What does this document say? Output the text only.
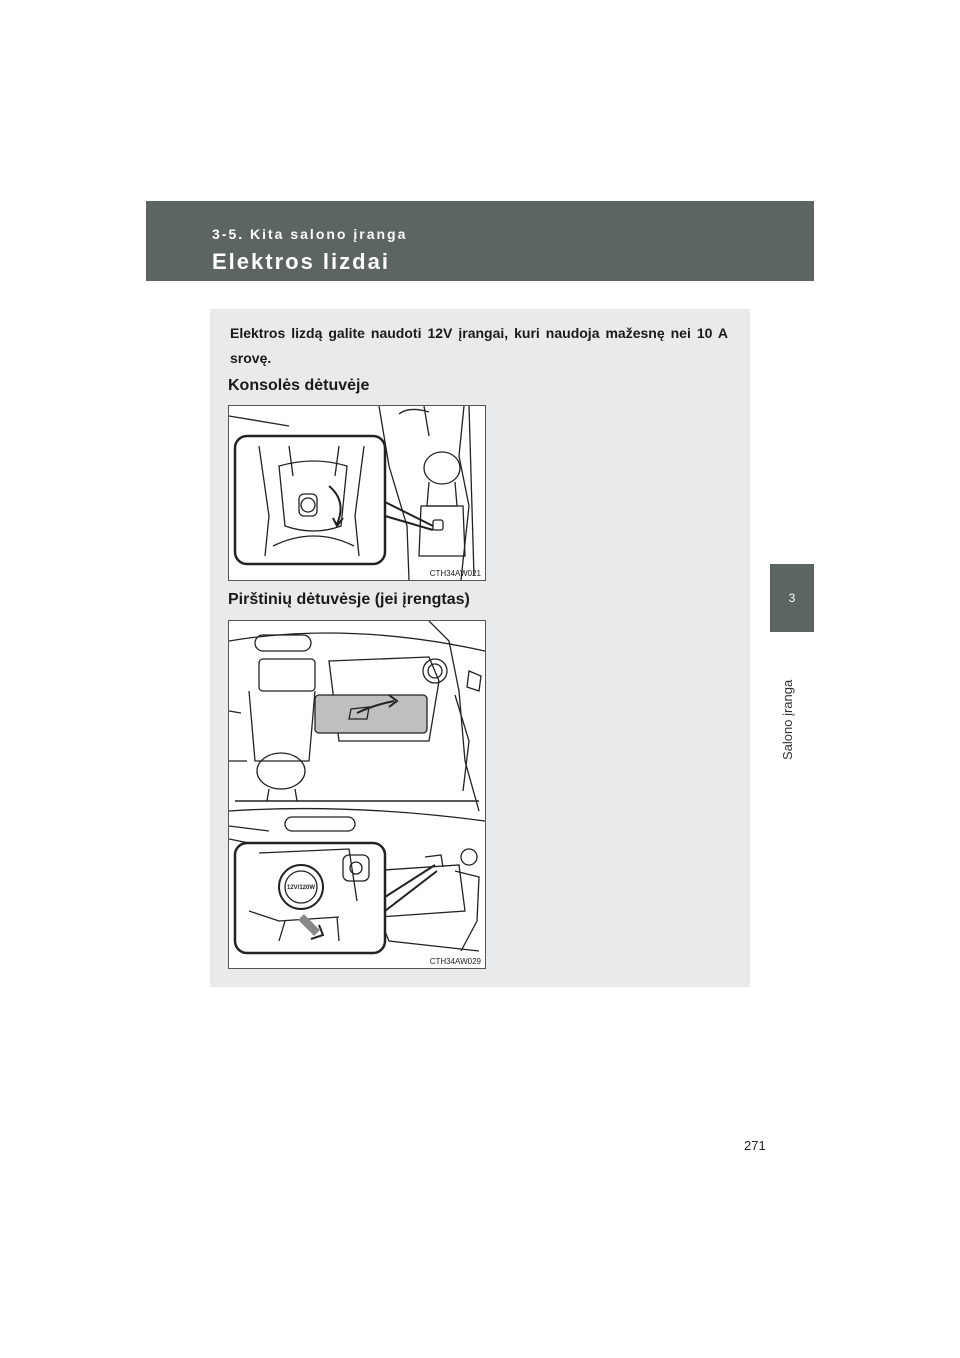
3-5. Kita salono įranga
Elektros lizdai
3
Salono įranga

Elektros lizdą galite naudoti 12V įrangai, kuri naudoja mažesnę nei 10 A srovę.

Konsolės dėtuvėje
CTH34AW021
Pirštinių dėtuvėsje (jei įrengtas)
12V/120W
CTH34AW029
271
